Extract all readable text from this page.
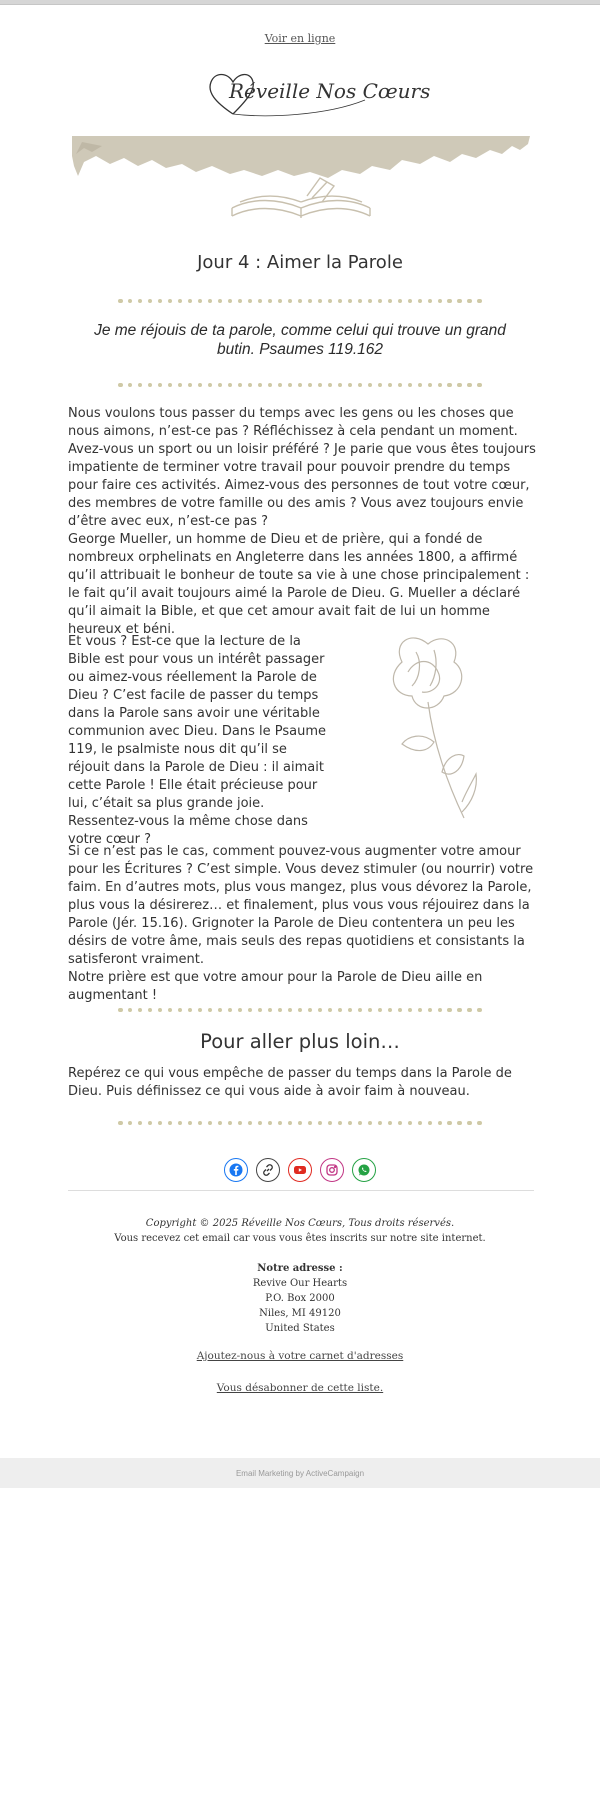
Voir en ligne
Réveille Nos Cœurs
Jour 4 : Aimer la Parole
Je me réjouis de ta parole, comme celui qui trouve un grand butin. Psaumes 119.162
Nous voulons tous passer du temps avec les gens ou les choses que nous aimons, n’est-ce pas ? Réfléchissez à cela pendant un moment. Avez-vous un sport ou un loisir préféré ? Je parie que vous êtes toujours impatiente de terminer votre travail pour pouvoir prendre du temps pour faire ces activités. Aimez-vous des personnes de tout votre cœur, des membres de votre famille ou des amis ? Vous avez toujours envie d’être avec eux, n’est-ce pas ?
George Mueller, un homme de Dieu et de prière, qui a fondé de nombreux orphelinats en Angleterre dans les années 1800, a affirmé qu’il attribuait le bonheur de toute sa vie à une chose principalement : le fait qu’il avait toujours aimé la Parole de Dieu. G. Mueller a déclaré qu’il aimait la Bible, et que cet amour avait fait de lui un homme heureux et béni.
Et vous ? Est-ce que la lecture de la Bible est pour vous un intérêt passager ou aimez-vous réellement la Parole de Dieu ? C’est facile de passer du temps dans la Parole sans avoir une véritable communion avec Dieu. Dans le Psaume 119, le psalmiste nous dit qu’il se réjouit dans la Parole de Dieu : il aimait cette Parole ! Elle était précieuse pour lui, c’était sa plus grande joie. Ressentez-vous la même chose dans votre cœur ?
Si ce n’est pas le cas, comment pouvez-vous augmenter votre amour pour les Écritures ? C’est simple. Vous devez stimuler (ou nourrir) votre faim. En d’autres mots, plus vous mangez, plus vous dévorez la Parole, plus vous la désirerez… et finalement, plus vous vous réjouirez dans la Parole (Jér. 15.16). Grignoter la Parole de Dieu contentera un peu les désirs de votre âme, mais seuls des repas quotidiens et consistants la satisferont vraiment.
Notre prière est que votre amour pour la Parole de Dieu aille en augmentant !
Pour aller plus loin…
Repérez ce qui vous empêche de passer du temps dans la Parole de Dieu. Puis définissez ce qui vous aide à avoir faim à nouveau.
Copyright © 2025 Réveille Nos Cœurs, Tous droits réservés.
Vous recevez cet email car vous vous êtes inscrits sur notre site internet.
Notre adresse :
Revive Our Hearts
P.O. Box 2000
Niles, MI 49120
United States
Ajoutez-nous à votre carnet d'adresses
Vous désabonner de cette liste.
Email Marketing by ActiveCampaign
